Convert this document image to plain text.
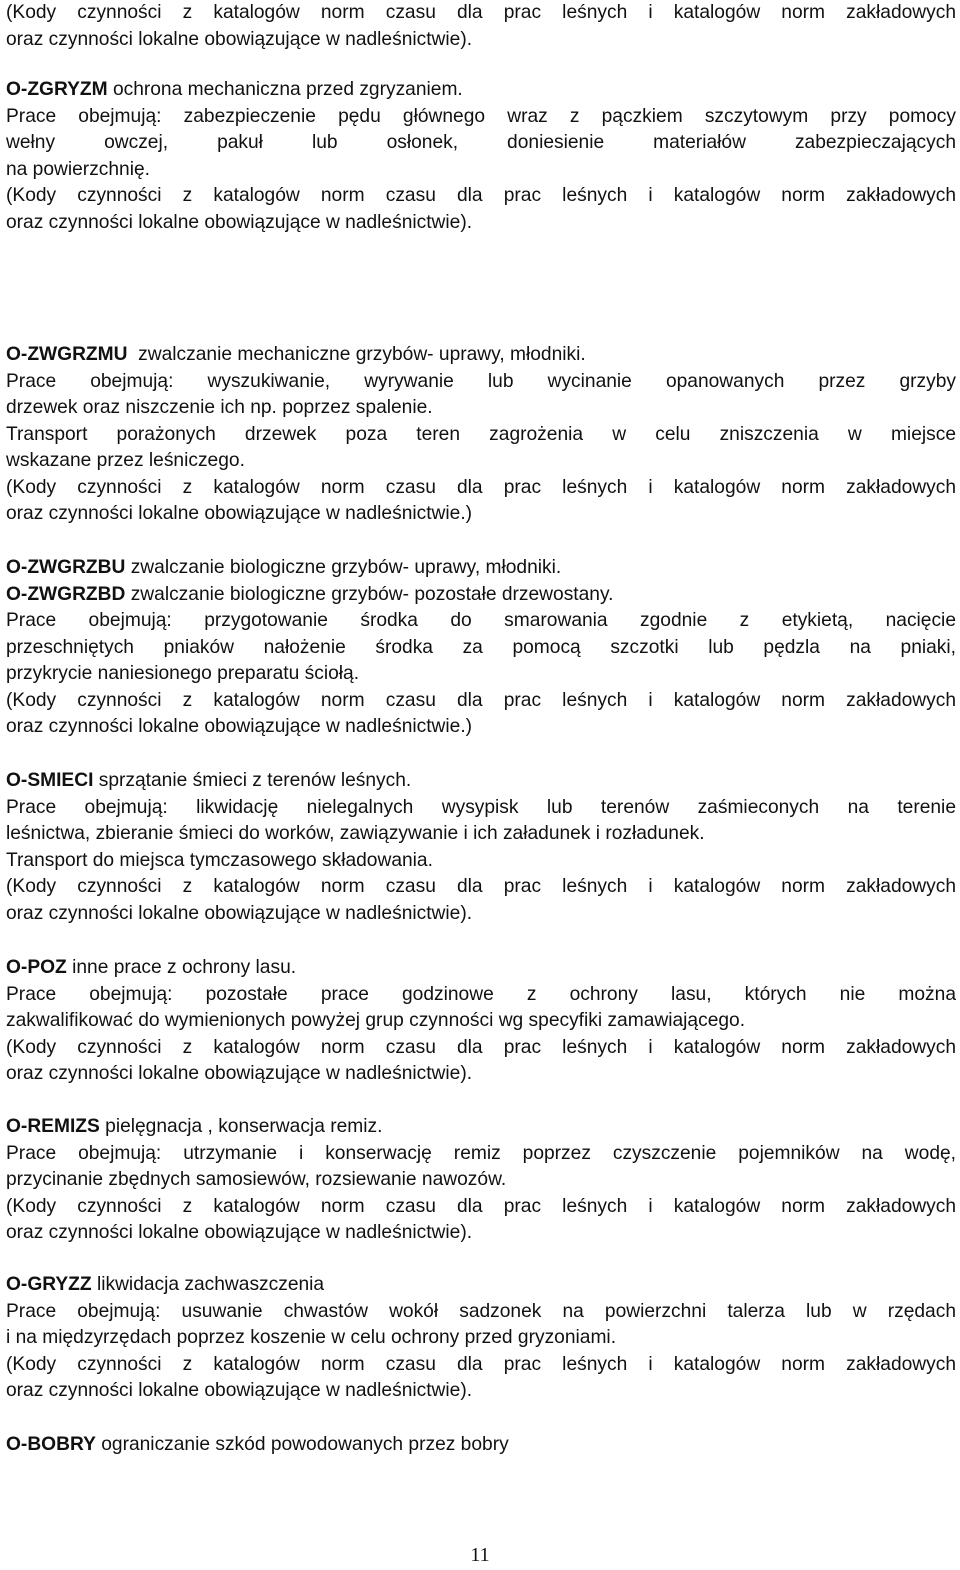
(Kody czynności z katalogów norm czasu dla prac leśnych i katalogów norm zakładowych
oraz czynności lokalne obowiązujące w nadleśnictwie).
O-ZGRYZM ochrona mechaniczna przed zgryzaniem.
Prace obejmują: zabezpieczenie pędu głównego wraz z pączkiem szczytowym przy pomocy
wełny owczej, pakuł lub osłonek, doniesienie materiałów zabezpieczających
na powierzchnię.
(Kody czynności z katalogów norm czasu dla prac leśnych i katalogów norm zakładowych
oraz czynności lokalne obowiązujące w nadleśnictwie).
O-ZWGRZMU  zwalczanie mechaniczne grzybów- uprawy, młodniki.
Prace obejmują: wyszukiwanie, wyrywanie lub wycinanie opanowanych przez grzyby
drzewek oraz niszczenie ich np. poprzez spalenie.
Transport porażonych drzewek poza teren zagrożenia w celu zniszczenia w miejsce
wskazane przez leśniczego.
(Kody czynności z katalogów norm czasu dla prac leśnych i katalogów norm zakładowych
oraz czynności lokalne obowiązujące w nadleśnictwie.)
O-ZWGRZBU zwalczanie biologiczne grzybów- uprawy, młodniki.
O-ZWGRZBD zwalczanie biologiczne grzybów- pozostałe drzewostany.
Prace obejmują: przygotowanie środka do smarowania zgodnie z etykietą, nacięcie
przeschniętych pniaków nałożenie środka za pomocą szczotki lub pędzla na pniaki,
przykrycie naniesionego preparatu ściołą.
(Kody czynności z katalogów norm czasu dla prac leśnych i katalogów norm zakładowych
oraz czynności lokalne obowiązujące w nadleśnictwie.)
O-SMIECI sprzątanie śmieci z terenów leśnych.
Prace obejmują: likwidację nielegalnych wysypisk lub terenów zaśmieconych na terenie
leśnictwa, zbieranie śmieci do worków, zawiązywanie i ich załadunek i rozładunek.
Transport do miejsca tymczasowego składowania.
(Kody czynności z katalogów norm czasu dla prac leśnych i katalogów norm zakładowych
oraz czynności lokalne obowiązujące w nadleśnictwie).
O-POZ inne prace z ochrony lasu.
Prace obejmują: pozostałe prace godzinowe z ochrony lasu, których nie można
zakwalifikować do wymienionych powyżej grup czynności wg specyfiki zamawiającego.
(Kody czynności z katalogów norm czasu dla prac leśnych i katalogów norm zakładowych
oraz czynności lokalne obowiązujące w nadleśnictwie).
O-REMIZS pielęgnacja , konserwacja remiz.
Prace obejmują: utrzymanie i konserwację remiz poprzez czyszczenie pojemników na wodę,
przycinanie zbędnych samosiewów, rozsiewanie nawozów.
(Kody czynności z katalogów norm czasu dla prac leśnych i katalogów norm zakładowych
oraz czynności lokalne obowiązujące w nadleśnictwie).
O-GRYZZ likwidacja zachwaszczenia
Prace obejmują: usuwanie chwastów wokół sadzonek na powierzchni talerza lub w rzędach
i na międzyrzędach poprzez koszenie w celu ochrony przed gryzoniami.
(Kody czynności z katalogów norm czasu dla prac leśnych i katalogów norm zakładowych
oraz czynności lokalne obowiązujące w nadleśnictwie).
O-BOBRY ograniczanie szkód powodowanych przez bobry
11
